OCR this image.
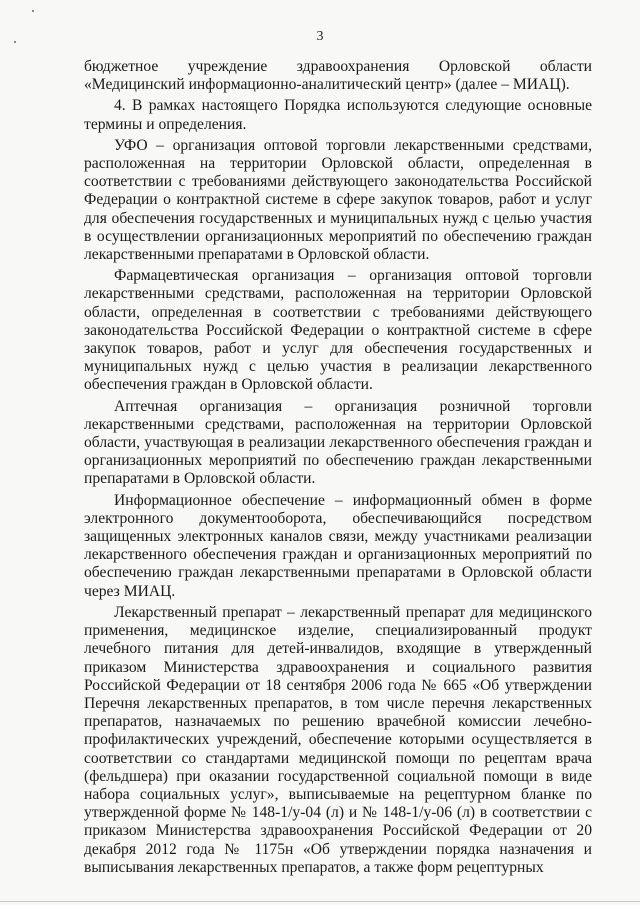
3

бюджетное учреждение здравоохранения Орловской области «Медицинский информационно-аналитический центр» (далее – МИАЦ).

4. В рамках настоящего Порядка используются следующие основные термины и определения.

УФО – организация оптовой торговли лекарственными средствами, расположенная на территории Орловской области, определенная в соответствии с требованиями действующего законодательства Российской Федерации о контрактной системе в сфере закупок товаров, работ и услуг для обеспечения государственных и муниципальных нужд с целью участия в осуществлении организационных мероприятий по обеспечению граждан лекарственными препаратами в Орловской области.

Фармацевтическая организация – организация оптовой торговли лекарственными средствами, расположенная на территории Орловской области, определенная в соответствии с требованиями действующего законодательства Российской Федерации о контрактной системе в сфере закупок товаров, работ и услуг для обеспечения государственных и муниципальных нужд с целью участия в реализации лекарственного обеспечения граждан в Орловской области.

Аптечная организация – организация розничной торговли лекарственными средствами, расположенная на территории Орловской области, участвующая в реализации лекарственного обеспечения граждан и организационных мероприятий по обеспечению граждан лекарственными препаратами в Орловской области.

Информационное обеспечение – информационный обмен в форме электронного документооборота, обеспечивающийся посредством защищенных электронных каналов связи, между участниками реализации лекарственного обеспечения граждан и организационных мероприятий по обеспечению граждан лекарственными препаратами в Орловской области через МИАЦ.

Лекарственный препарат – лекарственный препарат для медицинского применения, медицинское изделие, специализированный продукт лечебного питания для детей-инвалидов, входящие в утвержденный приказом Министерства здравоохранения и социального развития Российской Федерации от 18 сентября 2006 года № 665 «Об утверждении Перечня лекарственных препаратов, в том числе перечня лекарственных препаратов, назначаемых по решению врачебной комиссии лечебно-профилактических учреждений, обеспечение которыми осуществляется в соответствии со стандартами медицинской помощи по рецептам врача (фельдшера) при оказании государственной социальной помощи в виде набора социальных услуг», выписываемые на рецептурном бланке по утвержденной форме № 148-1/у-04 (л) и № 148-1/у-06 (л) в соответствии с приказом Министерства здравоохранения Российской Федерации от 20 декабря 2012 года № 1175н «Об утверждении порядка назначения и выписывания лекарственных препаратов, а также форм рецептурных
